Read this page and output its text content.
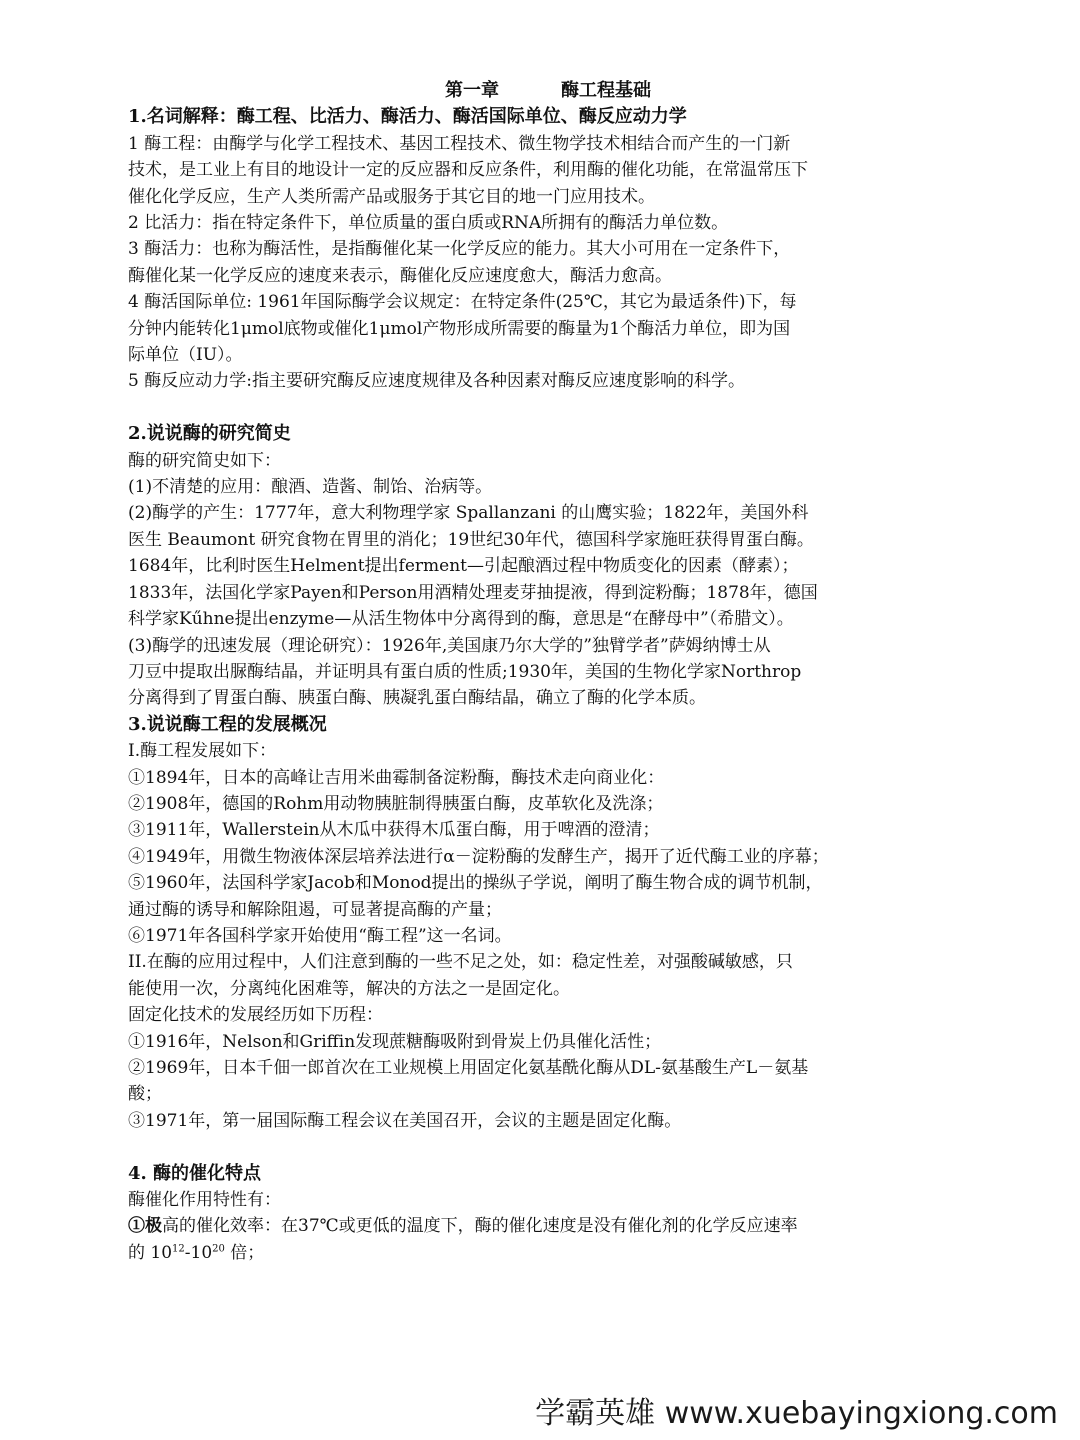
第一章	酶工程基础
1.名词解释：酶工程、比活力、酶活力、酶活国际单位、酶反应动力学
1 酶工程：由酶学与化学工程技术、基因工程技术、微生物学技术相结合而产生的一门新
技术，是工业上有目的地设计一定的反应器和反应条件，利用酶的催化功能，在常温常压下
催化化学反应，生产人类所需产品或服务于其它目的地一门应用技术。
2 比活力：指在特定条件下，单位质量的蛋白质或RNA所拥有的酶活力单位数。
3 酶活力：也称为酶活性，是指酶催化某一化学反应的能力。其大小可用在一定条件下，
酶催化某一化学反应的速度来表示，酶催化反应速度愈大，酶活力愈高。
4 酶活国际单位: 1961年国际酶学会议规定：在特定条件(25℃，其它为最适条件)下，每
分钟内能转化1μmol底物或催化1μmol产物形成所需要的酶量为1个酶活力单位，即为国
际单位（IU）。
5 酶反应动力学:指主要研究酶反应速度规律及各种因素对酶反应速度影响的科学。
2.说说酶的研究简史
酶的研究简史如下：
(1)不清楚的应用：酿酒、造酱、制饴、治病等。
(2)酶学的产生：1777年，意大利物理学家 Spallanzani 的山鹰实验；1822年，美国外科
医生 Beaumont 研究食物在胃里的消化；19世纪30年代，德国科学家施旺获得胃蛋白酶。
1684年，比利时医生Helment提出ferment—引起酿酒过程中物质变化的因素（酵素）；
1833年，法国化学家Payen和Person用酒精处理麦芽抽提液，得到淀粉酶；1878年，德国
科学家Kűhne提出enzyme—从活生物体中分离得到的酶，意思是“在酵母中”（希腊文）。
(3)酶学的迅速发展（理论研究）：1926年,美国康乃尔大学的”独臂学者”萨姆纳博士从
刀豆中提取出脲酶结晶，并证明具有蛋白质的性质;1930年，美国的生物化学家Northrop
分离得到了胃蛋白酶、胰蛋白酶、胰凝乳蛋白酶结晶，确立了酶的化学本质。
3.说说酶工程的发展概况
I.酶工程发展如下：
①1894年，日本的高峰让吉用米曲霉制备淀粉酶，酶技术走向商业化：
②1908年，德国的Rohm用动物胰脏制得胰蛋白酶，皮革软化及洗涤；
③1911年，Wallerstein从木瓜中获得木瓜蛋白酶，用于啤酒的澄清；
④1949年，用微生物液体深层培养法进行α－淀粉酶的发酵生产，揭开了近代酶工业的序幕；
⑤1960年，法国科学家Jacob和Monod提出的操纵子学说，阐明了酶生物合成的调节机制，
通过酶的诱导和解除阻遏，可显著提高酶的产量；
⑥1971年各国科学家开始使用“酶工程”这一名词。
II.在酶的应用过程中，人们注意到酶的一些不足之处，如：稳定性差，对强酸碱敏感，只
能使用一次，分离纯化困难等，解决的方法之一是固定化。
固定化技术的发展经历如下历程：
①1916年，Nelson和Griffin发现蔗糖酶吸附到骨炭上仍具催化活性；
②1969年，日本千佃一郎首次在工业规模上用固定化氨基酰化酶从DL-氨基酸生产L－氨基
酸；
③1971年，第一届国际酶工程会议在美国召开，会议的主题是固定化酶。
4. 酶的催化特点
酶催化作用特性有：
①极高的催化效率：在37℃或更低的温度下，酶的催化速度是没有催化剂的化学反应速率
的 $10^{12}-10^{20}$ 倍；
学霸英雄 www.xuebayingxiong.com
